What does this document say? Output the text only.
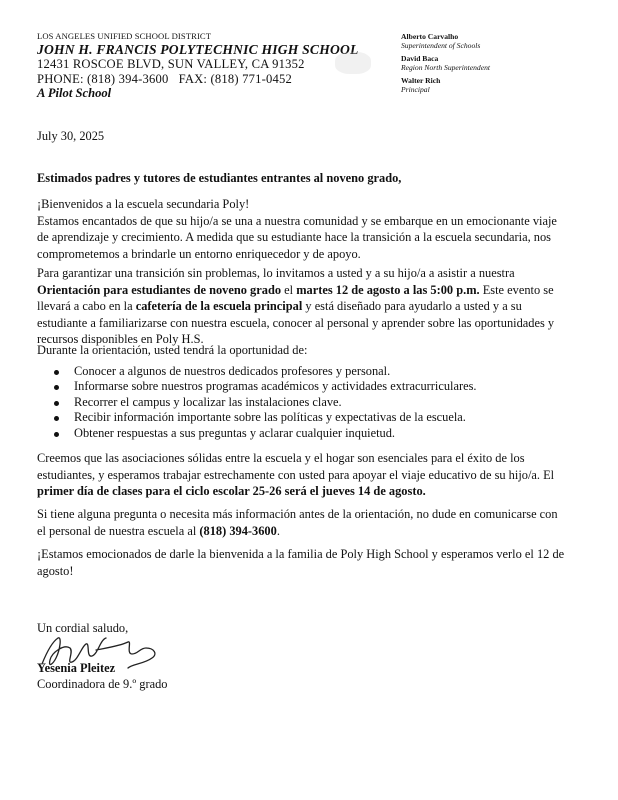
LOS ANGELES UNIFIED SCHOOL DISTRICT
JOHN H. FRANCIS POLYTECHNIC HIGH SCHOOL
12431 ROSCOE BLVD, SUN VALLEY, CA 91352
PHONE: (818) 394-3600   FAX: (818) 771-0452
A Pilot School
Alberto Carvalho
Superintendent of Schools
David Baca
Region North Superintendent
Walter Rich
Principal
July 30, 2025
Estimados padres y tutores de estudiantes entrantes al noveno grado,
¡Bienvenidos a la escuela secundaria Poly!
Estamos encantados de que su hijo/a se una a nuestra comunidad y se embarque en un emocionante viaje de aprendizaje y crecimiento. A medida que su estudiante hace la transición a la escuela secundaria, nos comprometemos a brindarle un entorno enriquecedor y de apoyo.
Para garantizar una transición sin problemas, lo invitamos a usted y a su hijo/a a asistir a nuestra Orientación para estudiantes de noveno grado el martes 12 de agosto a las 5:00 p.m. Este evento se llevará a cabo en la cafetería de la escuela principal y está diseñado para ayudarlo a usted y a su estudiante a familiarizarse con nuestra escuela, conocer al personal y aprender sobre las oportunidades y recursos disponibles en Poly H.S.
Durante la orientación, usted tendrá la oportunidad de:
Conocer a algunos de nuestros dedicados profesores y personal.
Informarse sobre nuestros programas académicos y actividades extracurriculares.
Recorrer el campus y localizar las instalaciones clave.
Recibir información importante sobre las políticas y expectativas de la escuela.
Obtener respuestas a sus preguntas y aclarar cualquier inquietud.
Creemos que las asociaciones sólidas entre la escuela y el hogar son esenciales para el éxito de los estudiantes, y esperamos trabajar estrechamente con usted para apoyar el viaje educativo de su hijo/a. El primer día de clases para el ciclo escolar 25-26 será el jueves 14 de agosto.
Si tiene alguna pregunta o necesita más información antes de la orientación, no dude en comunicarse con el personal de nuestra escuela al (818) 394-3600.
¡Estamos emocionados de darle la bienvenida a la familia de Poly High School y esperamos verlo el 12 de agosto!
Un cordial saludo,
Yesenia Pleitez
Coordinadora de 9.º grado
